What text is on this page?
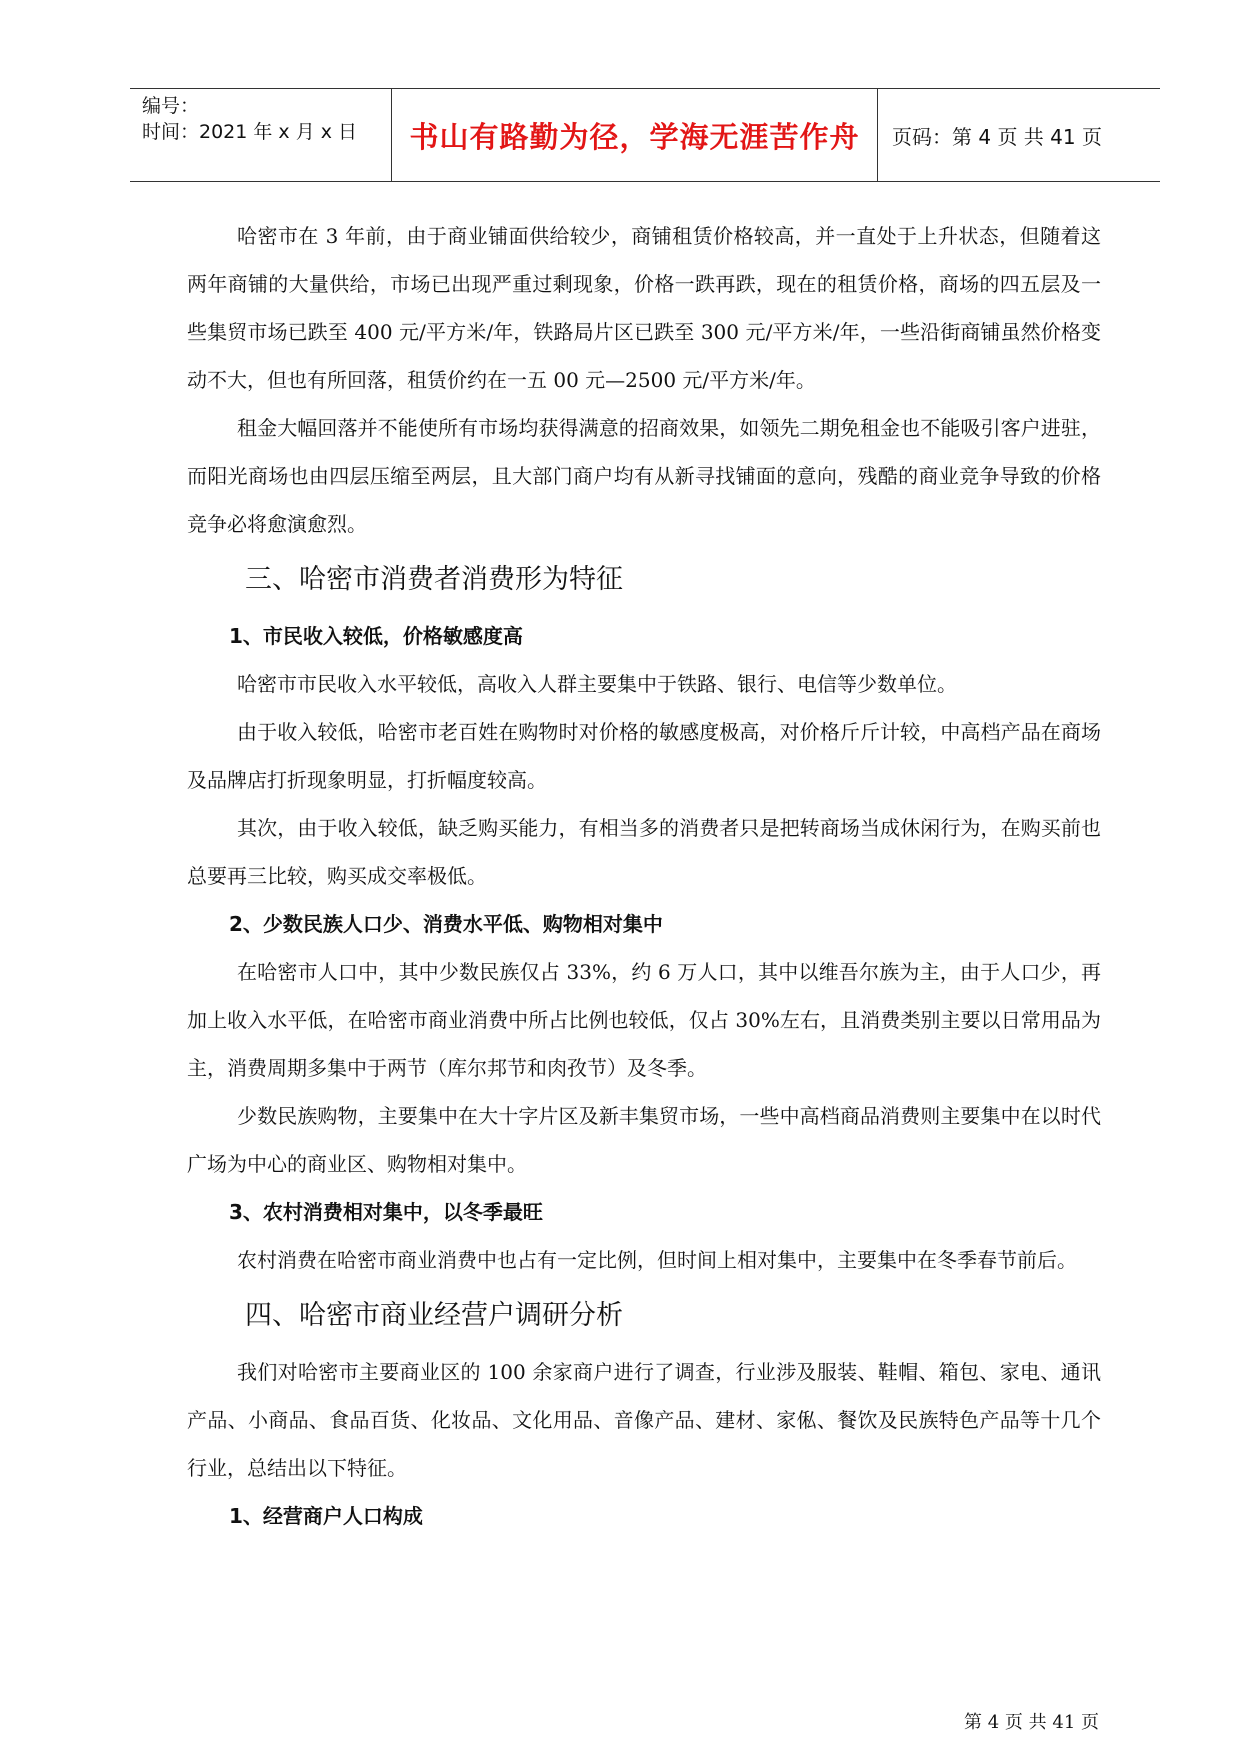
编号：
时间：2021 年 x 月 x 日	书山有路勤为径，学海无涯苦作舟	页码：第 4 页 共 41 页

哈密市在 3 年前，由于商业铺面供给较少，商铺租赁价格较高，并一直处于上升状态，但随着这两年商铺的大量供给，市场已出现严重过剩现象，价格一跌再跌，现在的租赁价格，商场的四五层及一些集贸市场已跌至 400 元/平方米/年，铁路局片区已跌至 300 元/平方米/年，一些沿街商铺虽然价格变动不大，但也有所回落，租赁价约在一五 00 元—2500 元/平方米/年。

租金大幅回落并不能使所有市场均获得满意的招商效果，如领先二期免租金也不能吸引客户进驻，而阳光商场也由四层压缩至两层，且大部门商户均有从新寻找铺面的意向，残酷的商业竞争导致的价格竞争必将愈演愈烈。

三、哈密市消费者消费形为特征
1、市民收入较低，价格敏感度高

哈密市市民收入水平较低，高收入人群主要集中于铁路、银行、电信等少数单位。

由于收入较低，哈密市老百姓在购物时对价格的敏感度极高，对价格斤斤计较，中高档产品在商场及品牌店打折现象明显，打折幅度较高。

其次，由于收入较低，缺乏购买能力，有相当多的消费者只是把转商场当成休闲行为，在购买前也总要再三比较，购买成交率极低。

2、少数民族人口少、消费水平低、购物相对集中

在哈密市人口中，其中少数民族仅占 33%，约 6 万人口，其中以维吾尔族为主，由于人口少，再加上收入水平低，在哈密市商业消费中所占比例也较低，仅占 30%左右，且消费类别主要以日常用品为主，消费周期多集中于两节（库尔邦节和肉孜节）及冬季。

少数民族购物，主要集中在大十字片区及新丰集贸市场，一些中高档商品消费则主要集中在以时代广场为中心的商业区、购物相对集中。

3、农村消费相对集中，以冬季最旺

农村消费在哈密市商业消费中也占有一定比例，但时间上相对集中，主要集中在冬季春节前后。

四、哈密市商业经营户调研分析

我们对哈密市主要商业区的 100 余家商户进行了调查，行业涉及服装、鞋帽、箱包、家电、通讯产品、小商品、食品百货、化妆品、文化用品、音像产品、建材、家俬、餐饮及民族特色产品等十几个行业，总结出以下特征。

1、经营商户人口构成
第 4 页 共 41 页
